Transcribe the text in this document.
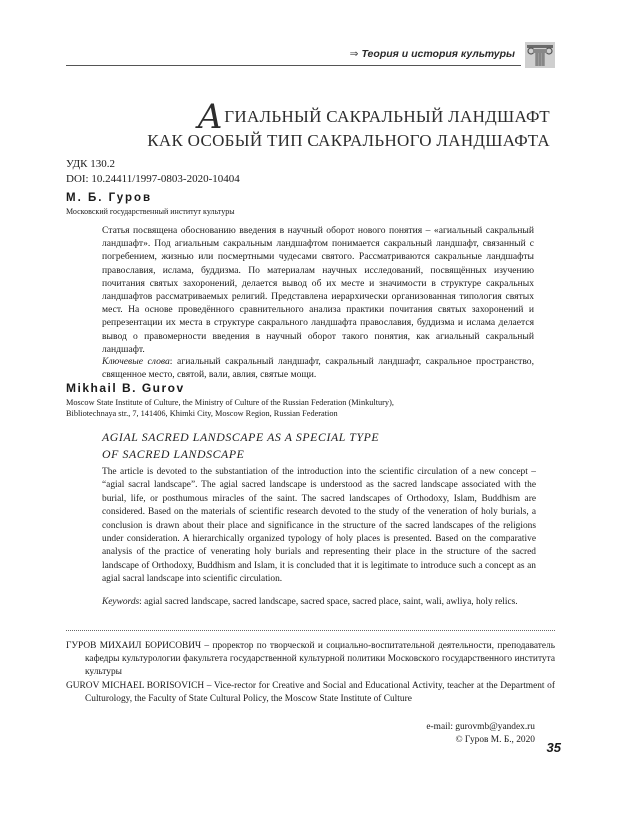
⇒ Теория и история культуры
АГИАЛЬНЫЙ САКРАЛЬНЫЙ ЛАНДШАФТ
КАК ОСОБЫЙ ТИП САКРАЛЬНОГО ЛАНДШАФТА
УДК 130.2
DOI: 10.24411/1997-0803-2020-10404
М. Б. Гуров
Московский государственный институт культуры

Статья посвящена обоснованию введения в научный оборот нового понятия – «агиальный сакральный ландшафт». Под агиальным сакральным ландшафтом понимается сакральный ландшафт, связанный с погребением, жизнью или посмертными чудесами святого. Рассматриваются сакральные ландшафты православия, ислама, буддизма. По материалам научных исследований, посвящённых изучению почитания святых захоронений, делается вывод об их месте и значимости в структуре сакральных ландшафтов рассматриваемых религий. Представлена иерархически организованная типология святых мест. На основе проведённого сравнительного анализа практики почитания святых захоронений и репрезентации их места в структуре сакрального ландшафта православия, буддизма и ислама делается вывод о правомерности введения в научный оборот такого понятия, как агиальный сакральный ландшафт.

Ключевые слова: агиальный сакральный ландшафт, сакральный ландшафт, сакральное пространство, священное место, святой, вали, авлия, святые мощи.

Mikhail B. Gurov
Moscow State Institute of Culture, the Ministry of Culture of the Russian Federation (Minkultury),
Bibliotechnaya str., 7, 141406, Khimki City, Moscow Region, Russian Federation
AGIAL SACRED LANDSCAPE AS A SPECIAL TYPE
OF SACRED LANDSCAPE

The article is devoted to the substantiation of the introduction into the scientific circulation of a new concept – “agial sacral landscape”. The agial sacred landscape is understood as the sacred landscape associated with the burial, life, or posthumous miracles of the saint. The sacred landscapes of Orthodoxy, Islam, Buddhism are considered. Based on the materials of scientific research devoted to the study of the veneration of holy burials, a conclusion is drawn about their place and significance in the structure of the sacred landscapes of the religions under consideration. A hierarchically organized typology of holy places is presented. Based on the comparative analysis of the practice of venerating holy burials and representing their place in the structure of the sacred landscape of Orthodoxy, Buddhism and Islam, it is concluded that it is legitimate to introduce such a concept as an agial sacral landscape into scientific circulation.

Keywords: agial sacred landscape, sacred landscape, sacred space, sacred place, saint, wali, awliya, holy relics.

ГУРОВ МИХАИЛ БОРИСОВИЧ – проректор по творческой и социально-воспитательной деятельности, преподаватель кафедры культурологии факультета государственной культурной политики Московского государственного института культуры

GUROV MICHAEL BORISOVICH – Vice-rector for Creative and Social and Educational Activity, teacher at the Department of Culturology, the Faculty of State Cultural Policy, the Moscow State Institute of Culture

e-mail: gurovmb@yandex.ru
© Гуров М. Б., 2020 35
